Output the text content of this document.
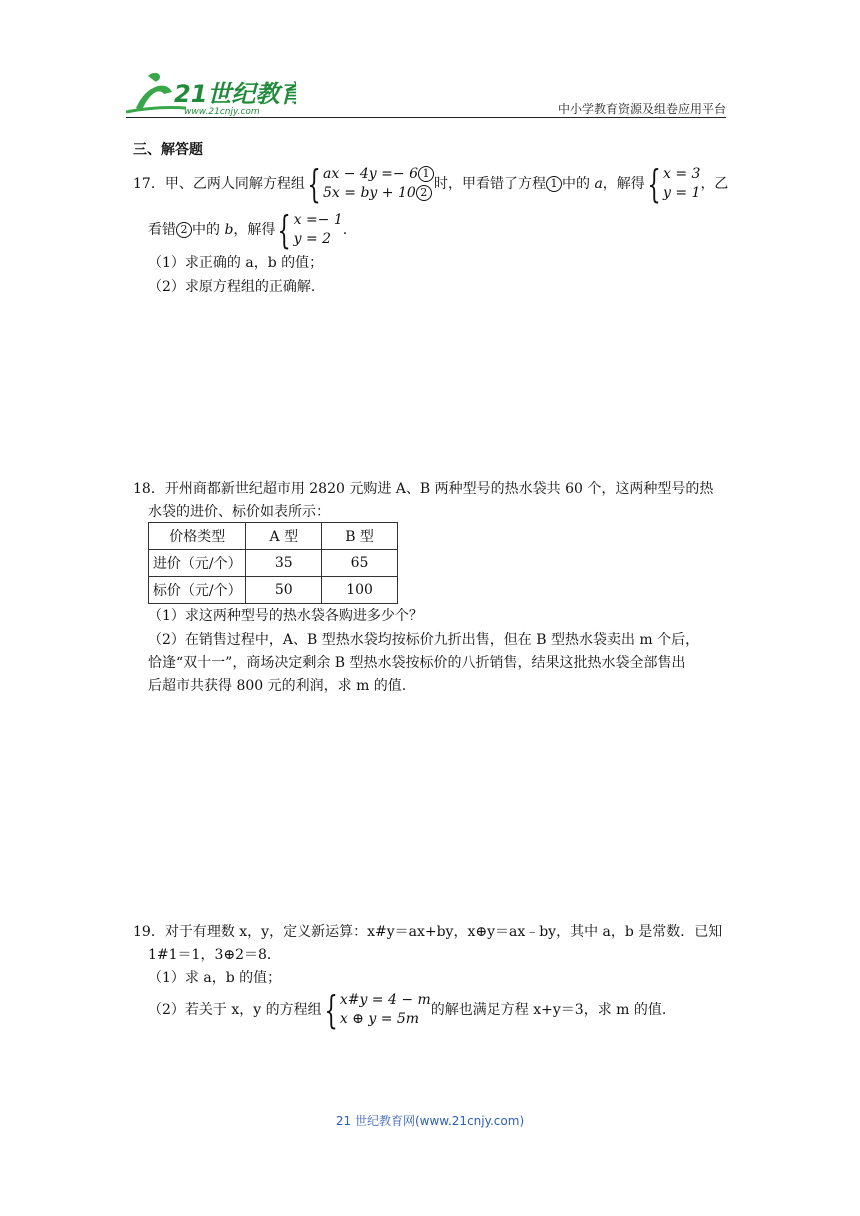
21世纪教育
www.21cnjy.com	中小学教育资源及组卷应用平台
三、解答题
17． 甲、乙两人同解方程组 { ax − 4y =− 6 1
5x = by + 10 2
时，甲看错了方程 1 中的
a ，解得 { x = 3
y = 1
，乙
看错 2 中的
b ，解得 { x =− 1
y = 2
.
（1）求正确的 a，b 的值；
（2）求原方程组的正确解.
18．开州商都新世纪超市用 2820 元购进 A、B 两种型号的热水袋共 60 个，这两种型号的热
水袋的进价、标价如表所示：
价格类型	A 型	B 型
进价（元/个）	35	65
标价（元/个）	50	100
（1）求这两种型号的热水袋各购进多少个？
（2）在销售过程中，A、B 型热水袋均按标价九折出售，但在 B 型热水袋卖出 m 个后，
恰逢“双十一”，商场决定剩余 B 型热水袋按标价的八折销售，结果这批热水袋全部售出
后超市共获得 800 元的利润，求 m 的值.
19．对于有理数 x，y，定义新运算：x#y＝ax+by，x⊕y＝ax﹣by，其中 a，b 是常数．已知
1#1＝1，3⊕2＝8．
（1）求 a，b 的值；
（2）若关于 x，y 的方程组 { x#y = 4 − m
x ⊕ y = 5m
的解也满足方程 x+y＝3，求 m 的值.
21 世纪教育网(www.21cnjy.com)
